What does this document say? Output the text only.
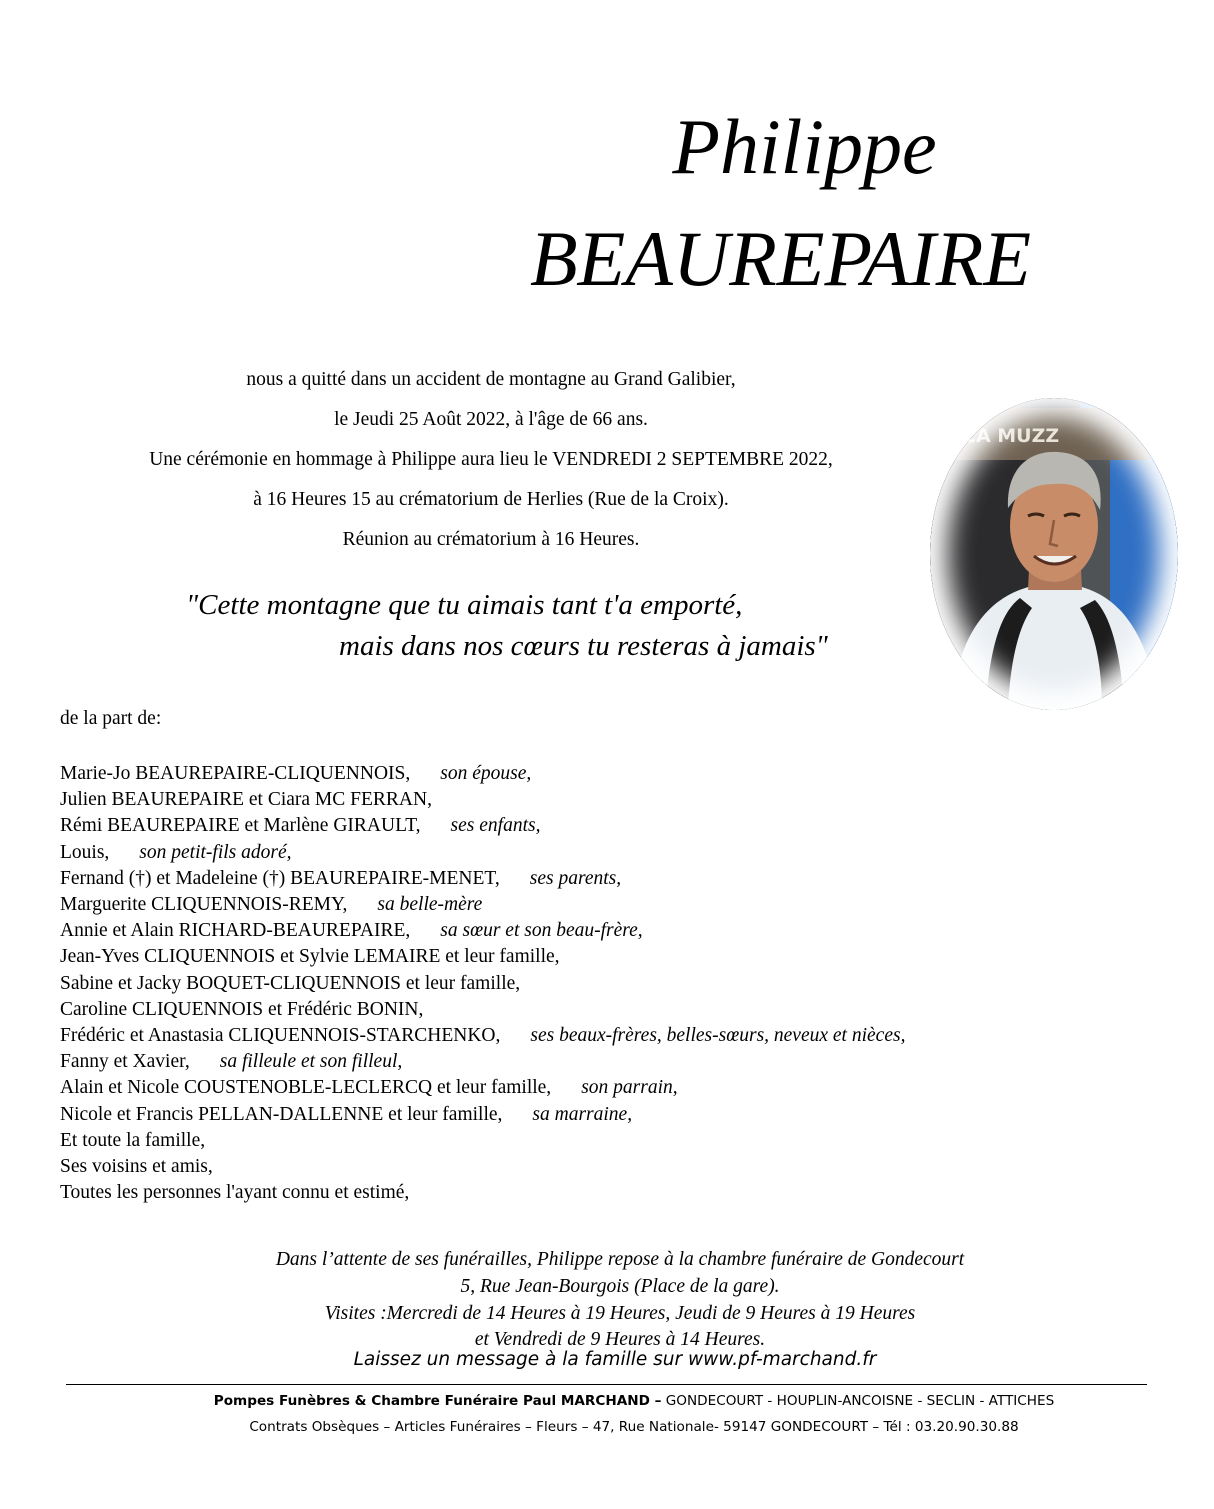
Philippe
BEAUREPAIRE
nous a quitté dans un accident de montagne au Grand Galibier,
le Jeudi 25 Août 2022, à l'âge de 66 ans.
Une cérémonie en hommage à Philippe aura lieu le VENDREDI 2 SEPTEMBRE 2022,
à 16 Heures 15 au crématorium de Herlies (Rue de la Croix).
Réunion au crématorium à 16 Heures.
CA MUZZ
"Cette montagne que tu aimais tant t'a emporté,
mais dans nos cœurs tu resteras à jamais"
de la part de:
Marie-Jo BEAUREPAIRE-CLIQUENNOIS, son épouse,
Julien BEAUREPAIRE et Ciara MC FERRAN,
Rémi BEAUREPAIRE et Marlène GIRAULT, ses enfants,
Louis, son petit-fils adoré,
Fernand (†) et Madeleine (†) BEAUREPAIRE-MENET, ses parents,
Marguerite CLIQUENNOIS-REMY, sa belle-mère
Annie et Alain RICHARD-BEAUREPAIRE, sa sœur et son beau-frère,
Jean-Yves CLIQUENNOIS et Sylvie LEMAIRE et leur famille,
Sabine et Jacky BOQUET-CLIQUENNOIS et leur famille,
Caroline CLIQUENNOIS et Frédéric BONIN,
Frédéric et Anastasia CLIQUENNOIS-STARCHENKO, ses beaux-frères, belles-sœurs, neveux et nièces,
Fanny et Xavier, sa filleule et son filleul,
Alain et Nicole COUSTENOBLE-LECLERCQ et leur famille, son parrain,
Nicole et Francis PELLAN-DALLENNE et leur famille, sa marraine,
Et toute la famille,
Ses voisins et amis,
Toutes les personnes l'ayant connu et estimé,
Dans l’attente de ses funérailles, Philippe repose à la chambre funéraire de Gondecourt
5, Rue Jean-Bourgois (Place de la gare).
Visites :Mercredi de 14 Heures à 19 Heures, Jeudi de 9 Heures à 19 Heures
et Vendredi de 9 Heures à 14 Heures.
Laissez un message à la famille sur www.pf-marchand.fr
Pompes Funèbres & Chambre Funéraire Paul MARCHAND – GONDECOURT - HOUPLIN-ANCOISNE - SECLIN - ATTICHES
Contrats Obsèques – Articles Funéraires – Fleurs – 47, Rue Nationale- 59147 GONDECOURT – Tél : 03.20.90.30.88
